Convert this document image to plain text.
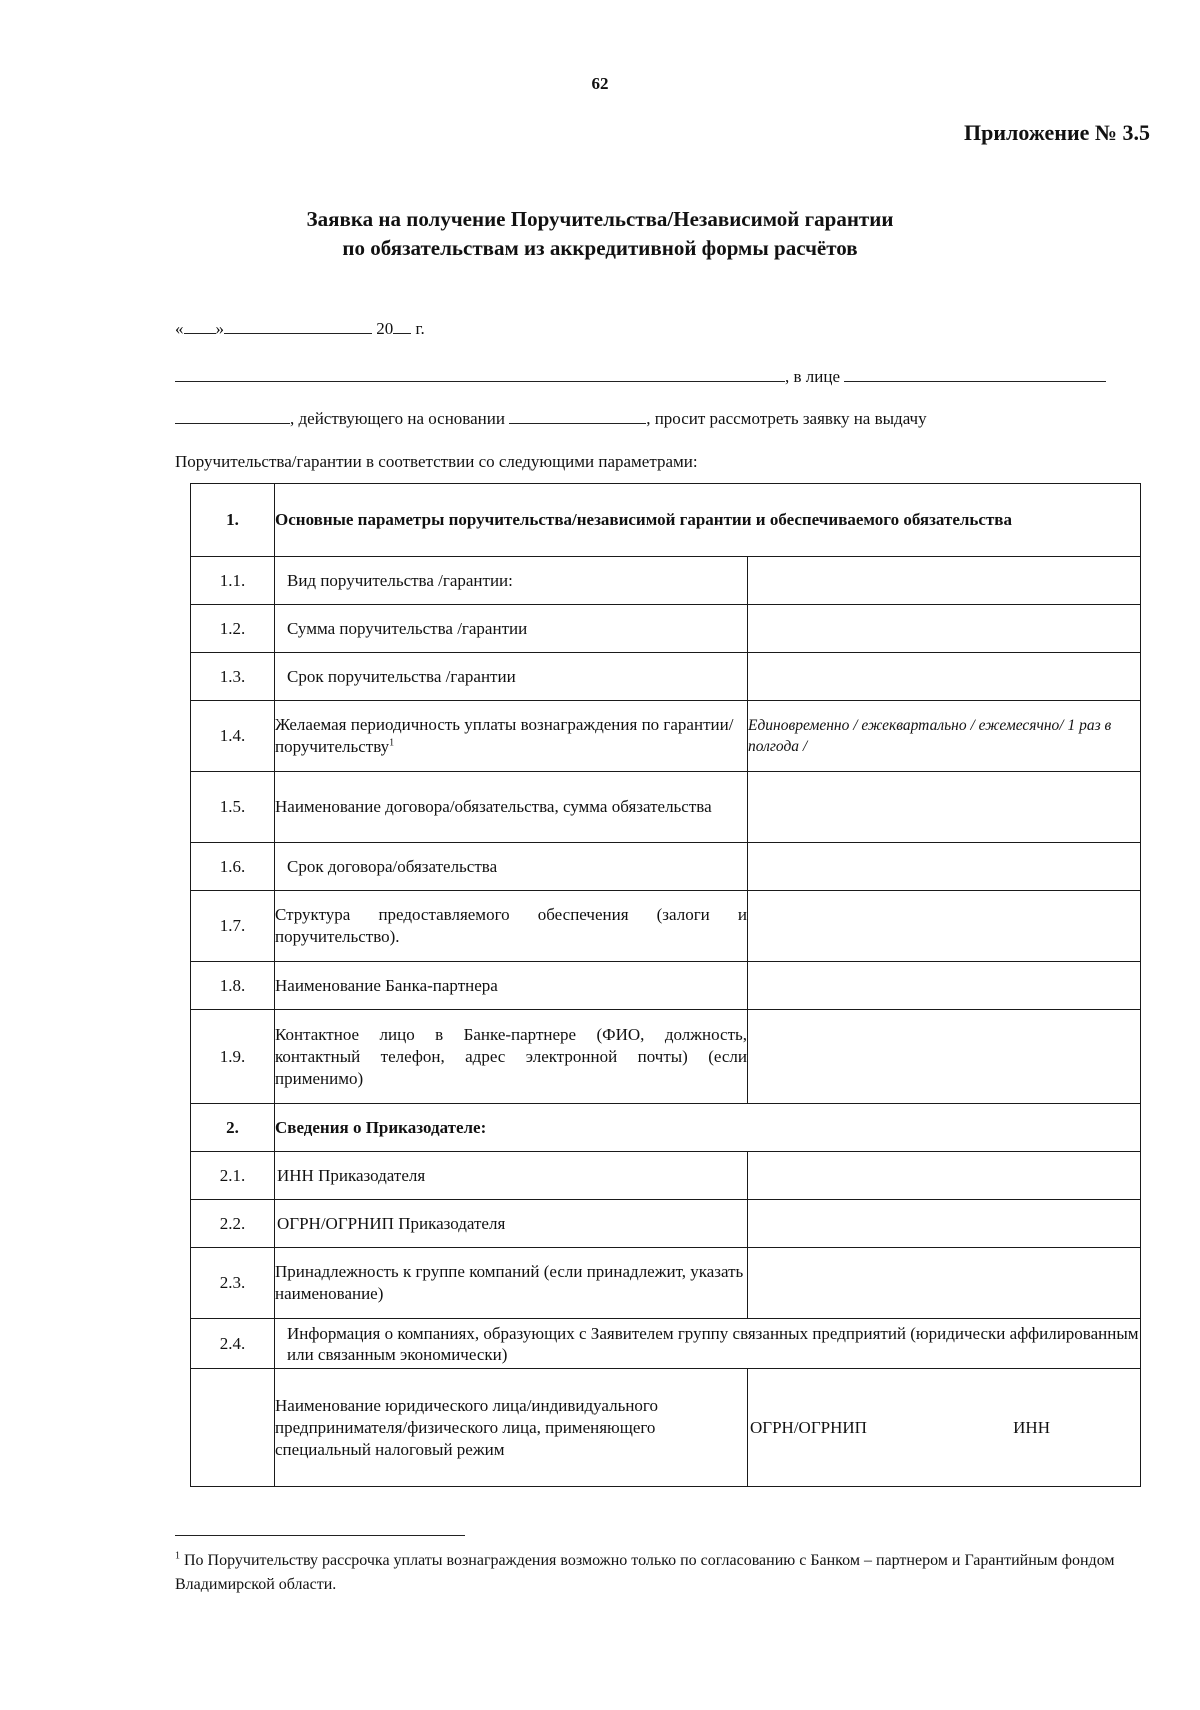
62
Приложение № 3.5
Заявка на получение Поручительства/Независимой гарантии
по обязательствам из аккредитивной формы расчётов
« »	20 г.
, в лице
, действующего на основании	, просит рассмотреть заявку на выдачу
Поручительства/гарантии в соответствии со следующими параметрами:
1.	Основные параметры поручительства/независимой гарантии и обеспечиваемого обязательства	
1.1.	Вид поручительства /гарантии:	
1.2.	Сумма поручительства /гарантии	
1.3.	Срок поручительства /гарантии	
1.4.	Желаемая периодичность уплаты вознаграждения по гарантии/поручительству$^1$	Единовременно / ежеквартально / ежемесячно/ 1 раз в полгода /
1.5.	Наименование договора/обязательства, сумма обязательства	
1.6.	Срок договора/обязательства	
1.7.	Структура предоставляемого обеспечения (залоги и поручительство).	
1.8.	Наименование Банка-партнера	
1.9.	Контактное лицо в Банке-партнере (ФИО, должность, контактный телефон, адрес электронной почты) (если применимо)	
2.	Сведения о Приказодателе:	
2.1.	ИНН Приказодателя	
2.2.	ОГРН/ОГРНИП Приказодателя	
2.3.	Принадлежность к группе компаний (если принадлежит, указать наименование)	
2.4.	Информация о компаниях, образующих с Заявителем группу связанных предприятий (юридически аффилированным или связанным экономически)	
	Наименование юридического лица/индивидуального предпринимателя/физического лица, применяющего специальный налоговый режим	ОГРН/ОГРНИП ИНН
$^1$ По Поручительству рассрочка уплаты вознаграждения возможно только по согласованию с Банком – партнером и Гарантийным фондом Владимирской области.
